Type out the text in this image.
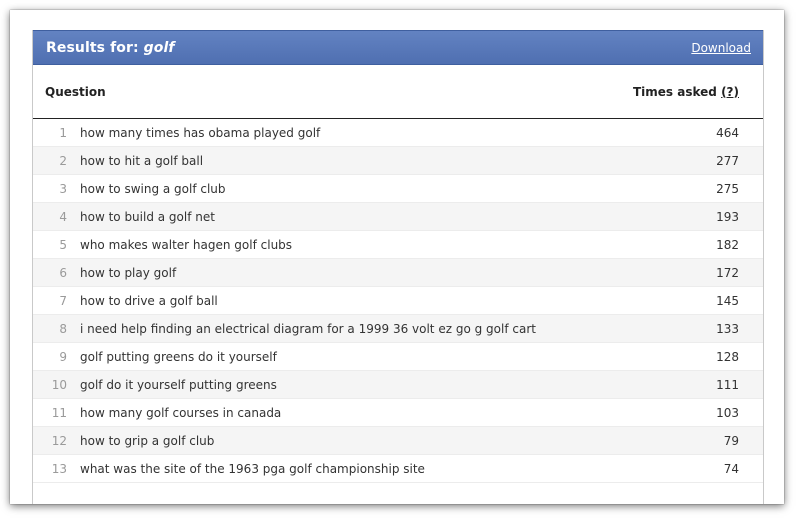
Results for: golf	Download
Question	Times asked (?)
1	how many times has obama played golf	464
2	how to hit a golf ball	277
3	how to swing a golf club	275
4	how to build a golf net	193
5	who makes walter hagen golf clubs	182
6	how to play golf	172
7	how to drive a golf ball	145
8	i need help finding an electrical diagram for a 1999 36 volt ez go g golf cart	133
9	golf putting greens do it yourself	128
10	golf do it yourself putting greens	111
11	how many golf courses in canada	103
12	how to grip a golf club	79
13	what was the site of the 1963 pga golf championship site	74
